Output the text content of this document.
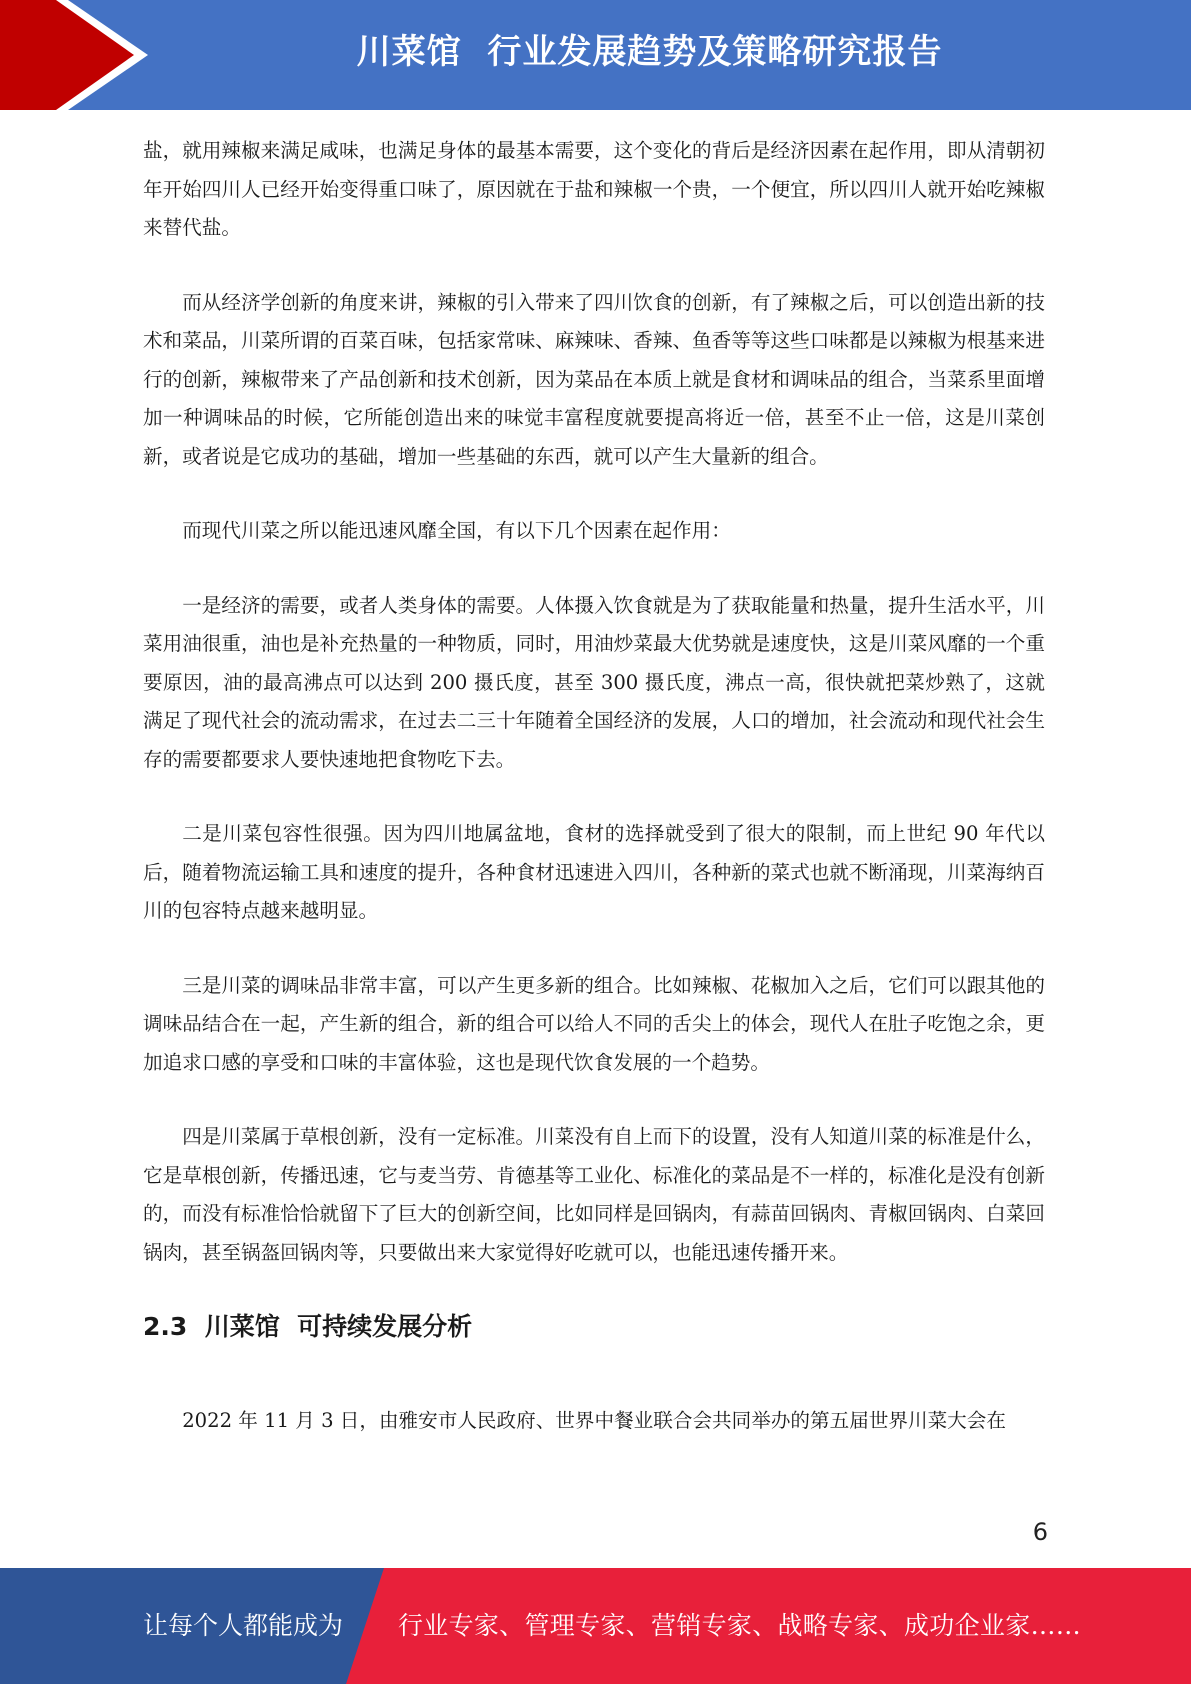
川菜馆  行业发展趋势及策略研究报告

盐，就用辣椒来满足咸味，也满足身体的最基本需要，这个变化的背后是经济因素在起作用，即从清朝初年开始四川人已经开始变得重口味了，原因就在于盐和辣椒一个贵，一个便宜，所以四川人就开始吃辣椒来替代盐。

而从经济学创新的角度来讲，辣椒的引入带来了四川饮食的创新，有了辣椒之后，可以创造出新的技术和菜品，川菜所谓的百菜百味，包括家常味、麻辣味、香辣、鱼香等等这些口味都是以辣椒为根基来进行的创新，辣椒带来了产品创新和技术创新，因为菜品在本质上就是食材和调味品的组合，当菜系里面增加一种调味品的时候，它所能创造出来的味觉丰富程度就要提高将近一倍，甚至不止一倍，这是川菜创新，或者说是它成功的基础，增加一些基础的东西，就可以产生大量新的组合。

而现代川菜之所以能迅速风靡全国，有以下几个因素在起作用：

一是经济的需要，或者人类身体的需要。人体摄入饮食就是为了获取能量和热量，提升生活水平，川菜用油很重，油也是补充热量的一种物质，同时，用油炒菜最大优势就是速度快，这是川菜风靡的一个重要原因，油的最高沸点可以达到 200 摄氏度，甚至 300 摄氏度，沸点一高，很快就把菜炒熟了，这就满足了现代社会的流动需求，在过去二三十年随着全国经济的发展，人口的增加，社会流动和现代社会生存的需要都要求人要快速地把食物吃下去。

二是川菜包容性很强。因为四川地属盆地，食材的选择就受到了很大的限制，而上世纪 90 年代以后，随着物流运输工具和速度的提升，各种食材迅速进入四川，各种新的菜式也就不断涌现，川菜海纳百川的包容特点越来越明显。

三是川菜的调味品非常丰富，可以产生更多新的组合。比如辣椒、花椒加入之后，它们可以跟其他的调味品结合在一起，产生新的组合，新的组合可以给人不同的舌尖上的体会，现代人在肚子吃饱之余，更加追求口感的享受和口味的丰富体验，这也是现代饮食发展的一个趋势。

四是川菜属于草根创新，没有一定标准。川菜没有自上而下的设置，没有人知道川菜的标准是什么，它是草根创新，传播迅速，它与麦当劳、肯德基等工业化、标准化的菜品是不一样的，标准化是没有创新的，而没有标准恰恰就留下了巨大的创新空间，比如同样是回锅肉，有蒜苗回锅肉、青椒回锅肉、白菜回锅肉，甚至锅盔回锅肉等，只要做出来大家觉得好吃就可以，也能迅速传播开来。

2.3  川菜馆  可持续发展分析

2022 年 11 月 3 日，由雅安市人民政府、世界中餐业联合会共同举办的第五届世界川菜大会在

6
让每个人都能成为 行业专家、管理专家、营销专家、战略专家、成功企业家……
